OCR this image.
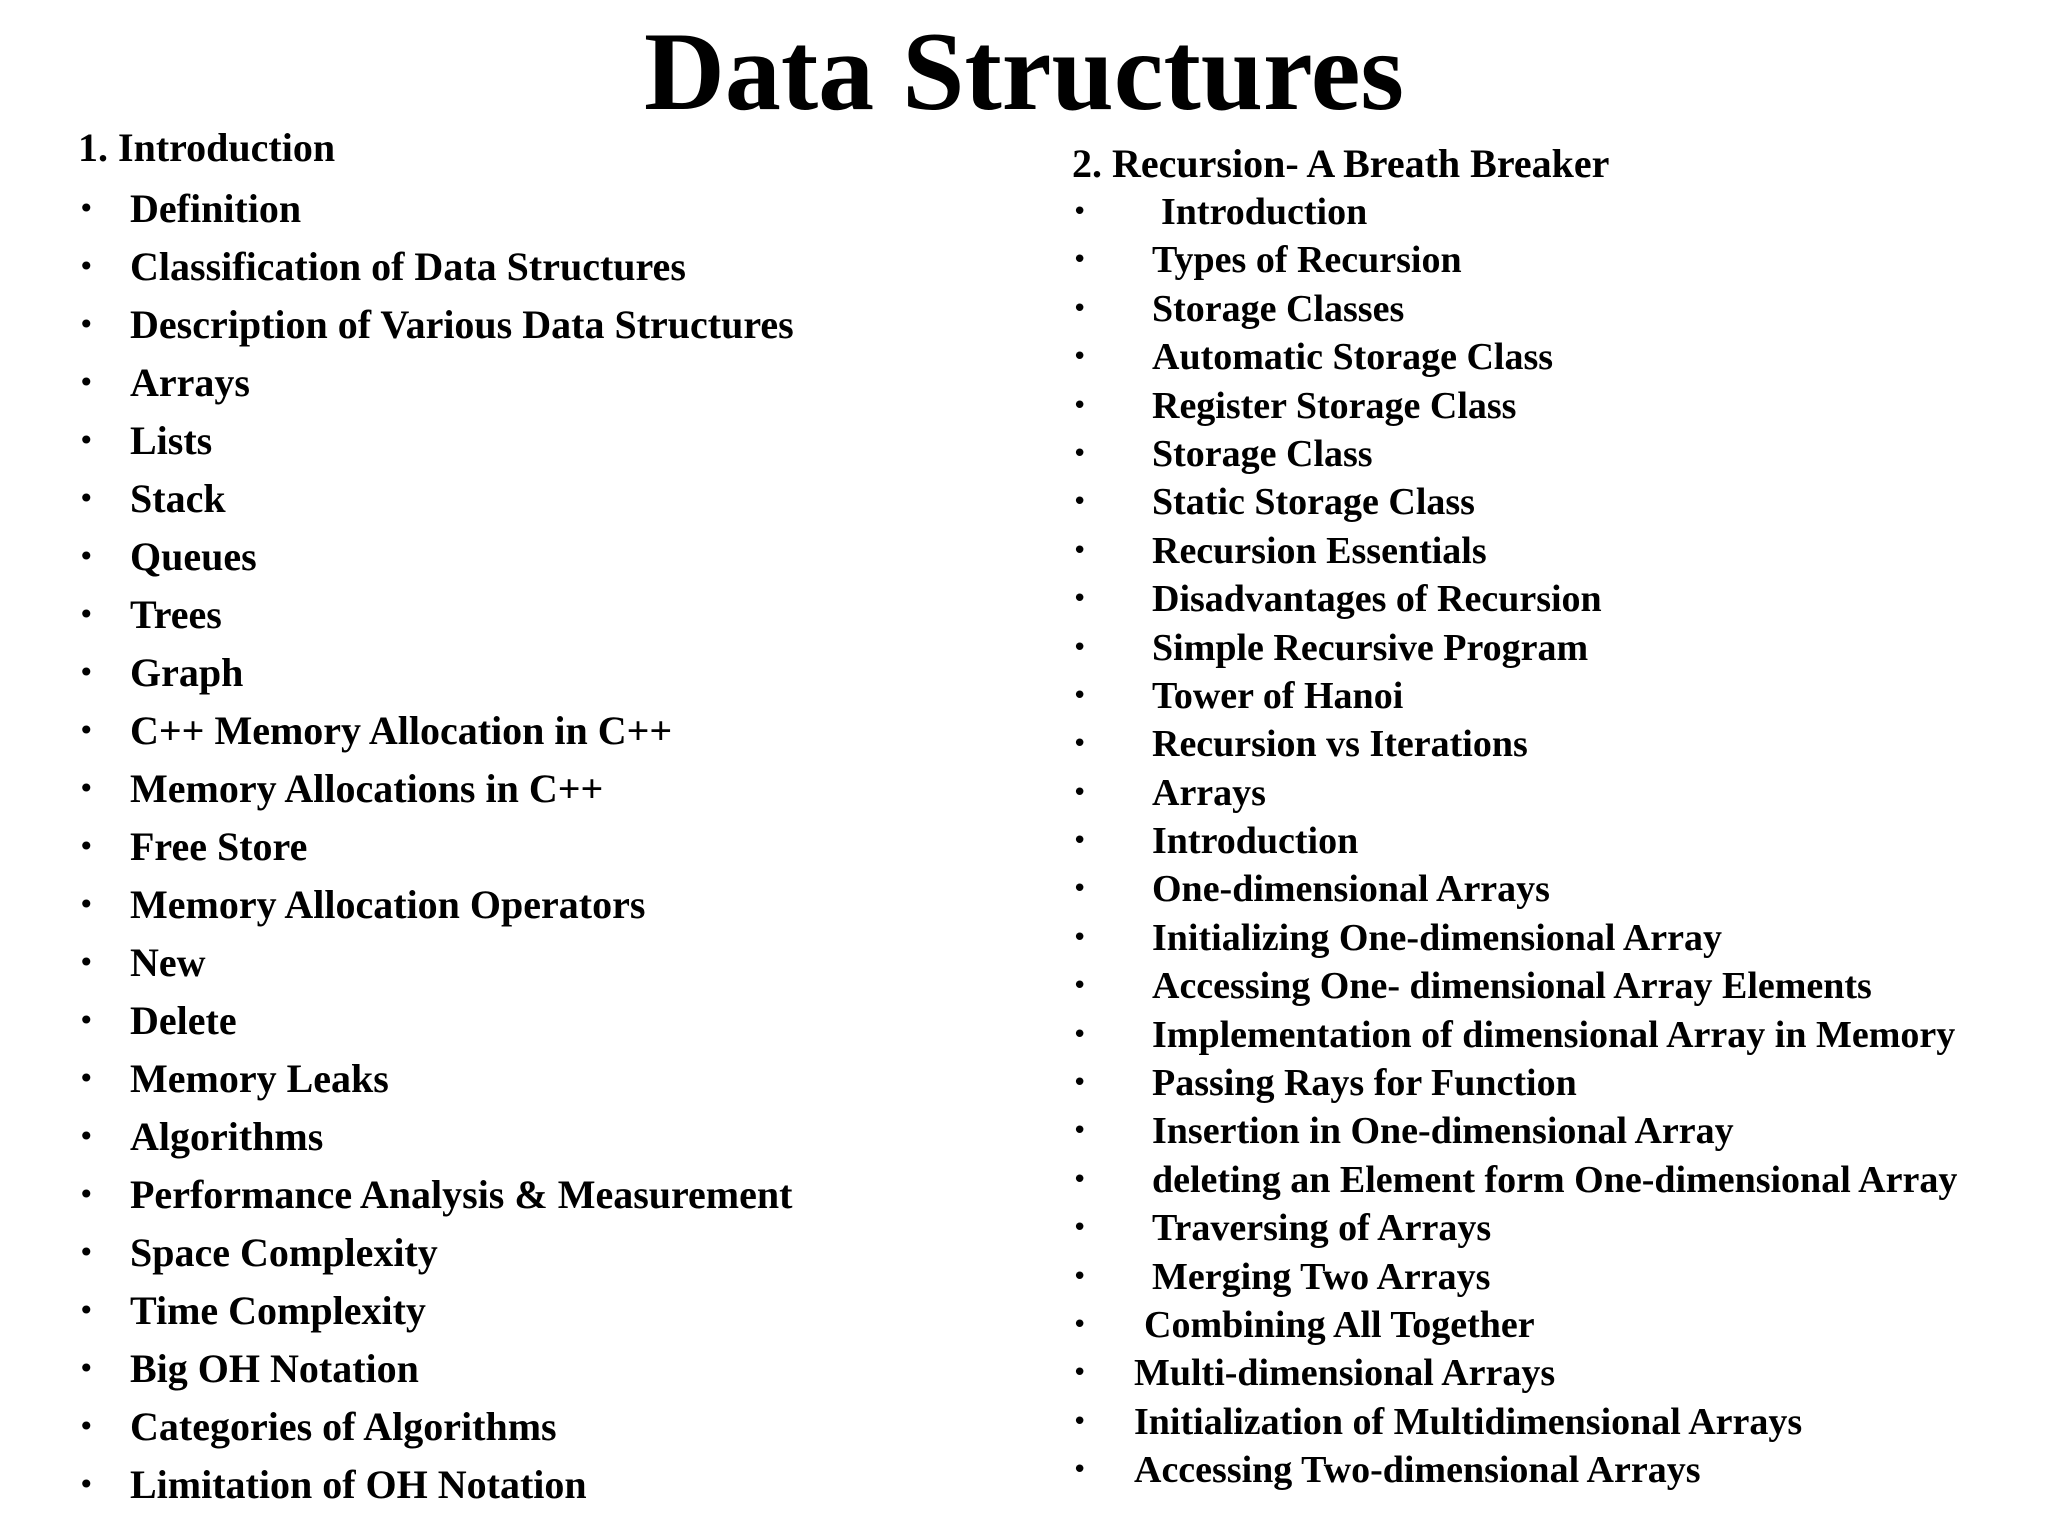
Data Structures
1. Introduction
• Definition
• Classification of Data Structures
• Description of Various Data Structures
• Arrays
• Lists
• Stack
• Queues
• Trees
• Graph
• C++ Memory Allocation in C++
• Memory Allocations in C++
• Free Store
• Memory Allocation Operators
• New
• Delete
• Memory Leaks
• Algorithms
• Performance Analysis & Measurement
• Space Complexity
• Time Complexity
• Big OH Notation
• Categories of Algorithms
• Limitation of OH Notation
2. Recursion- A Breath Breaker
• Introduction
• Types of Recursion
• Storage Classes
• Automatic Storage Class
• Register Storage Class
• Storage Class
• Static Storage Class
• Recursion Essentials
• Disadvantages of Recursion
• Simple Recursive Program
• Tower of Hanoi
• Recursion vs Iterations
• Arrays
• Introduction
• One-dimensional Arrays
• Initializing One-dimensional Array
• Accessing One- dimensional Array Elements
• Implementation of dimensional Array in Memory
• Passing Rays for Function
• Insertion in One-dimensional Array
• deleting an Element form One-dimensional Array
• Traversing of Arrays
• Merging Two Arrays
• Combining All Together
• Multi-dimensional Arrays
• Initialization of Multidimensional Arrays
• Accessing Two-dimensional Arrays
